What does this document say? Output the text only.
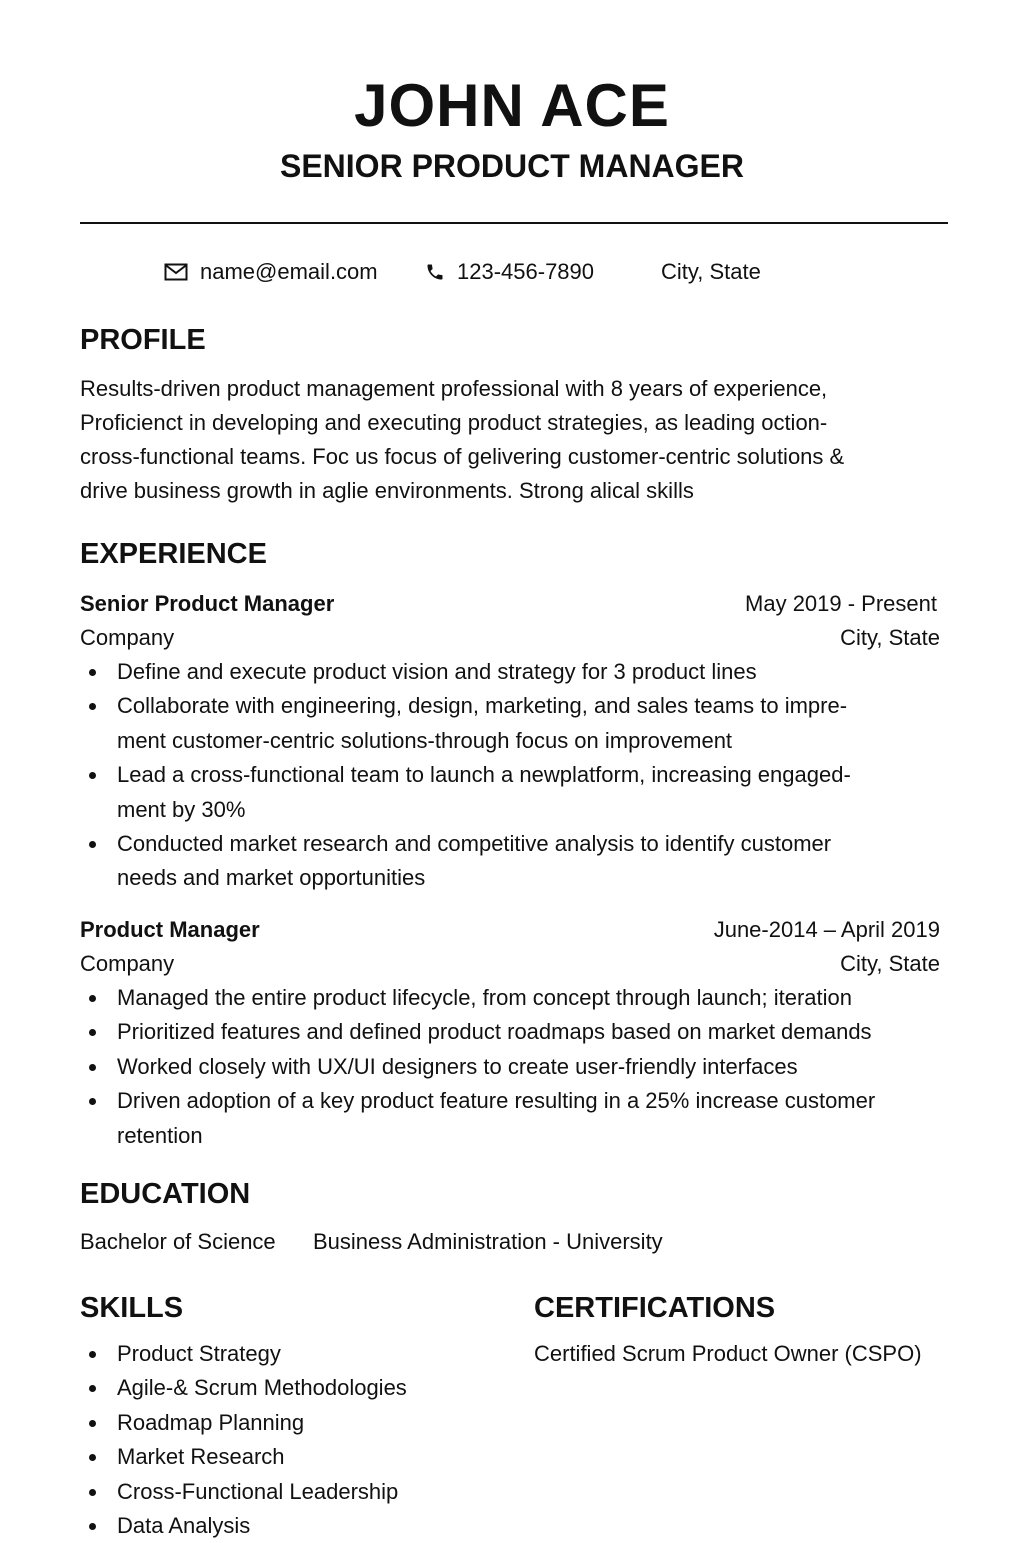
JOHN ACE
SENIOR PRODUCT MANAGER
name@email.com	123-456-7890	City, State
PROFILE
Results-driven product management professional with 8 years of experience,
Proficienct in developing and executing product strategies, as leading oction-
cross-functional teams. Foc us focus of gelivering customer-centric solutions &
drive business growth in aglie environments. Strong alical skills
EXPERIENCE
Senior Product Manager	May 2019 - Present
Company	City, State
Define and execute product vision and strategy for 3 product lines
Collaborate with engineering, design, marketing, and sales teams to impre-
ment customer-centric solutions-through focus on improvement
Lead a cross-functional team to launch a newplatform, increasing engaged-
ment by 30%
Conducted market research and competitive analysis to identify customer
needs and market opportunities
Product Manager	June-2014 – April 2019
Company	City, State
Managed the entire product lifecycle, from concept through launch; iteration
Prioritized features and defined product roadmaps based on market demands
Worked closely with UX/UI designers to create user-friendly interfaces
Driven adoption of a key product feature resulting in a 25% increase customer
retention
EDUCATION
Bachelor of Science Business Administration - University
SKILLS
Product Strategy
Agile-& Scrum Methodologies
Roadmap Planning
Market Research
Cross-Functional Leadership
Data Analysis
CERTIFICATIONS
Certified Scrum Product Owner (CSPO)
